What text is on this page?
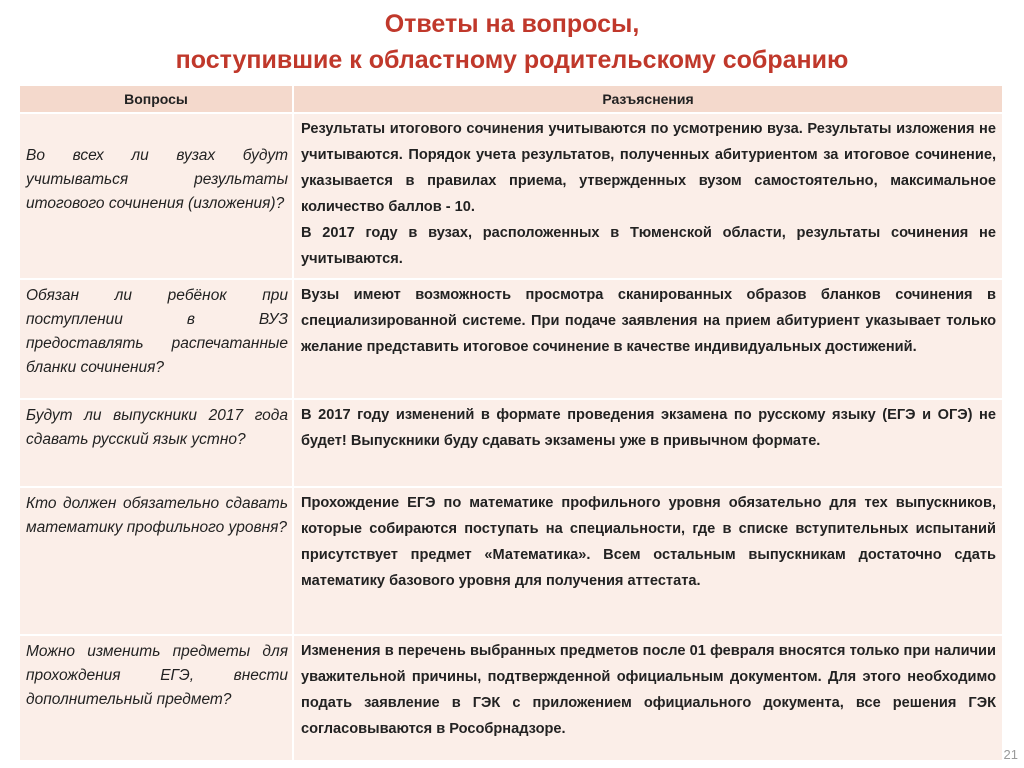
Ответы на вопросы,
поступившие к областному родительскому собранию
Вопросы	Разъяснения
Во всех ли вузах будут учитываться результаты итогового сочинения (изложения)?	Результаты итогового сочинения учитываются по усмотрению вуза. Результаты изложения не учитываются. Порядок учета результатов, полученных абитуриентом за итоговое сочинение, указывается в правилах приема, утвержденных вузом самостоятельно, максимальное количество баллов - 10.

В 2017 году в вузах, расположенных в Тюменской области, результаты сочинения не учитываются.

Обязан ли ребёнок при поступлении в ВУЗ предоставлять распечатанные бланки сочинения?	Вузы имеют возможность просмотра сканированных образов бланков сочинения в специализированной системе. При подаче заявления на прием абитуриент указывает только желание представить итоговое сочинение в качестве индивидуальных достижений.

Будут ли выпускники 2017 года сдавать русский язык устно?	В 2017 году изменений в формате проведения экзамена по русскому языку (ЕГЭ и ОГЭ) не будет! Выпускники буду сдавать экзамены уже в привычном формате.

Кто должен обязательно сдавать математику профильного уровня?	Прохождение ЕГЭ по математике профильного уровня обязательно для тех выпускников, которые собираются поступать на специальности, где в списке вступительных испытаний присутствует предмет «Математика». Всем остальным выпускникам достаточно сдать математику базового уровня для получения аттестата.

Можно изменить предметы для прохождения ЕГЭ, внести дополнительный предмет?	Изменения в перечень выбранных предметов после 01 февраля вносятся только при наличии уважительной причины, подтвержденной официальным документом. Для этого необходимо подать заявление в ГЭК с приложением официального документа, все решения ГЭК согласовываются в Рособрнадзоре.

21
